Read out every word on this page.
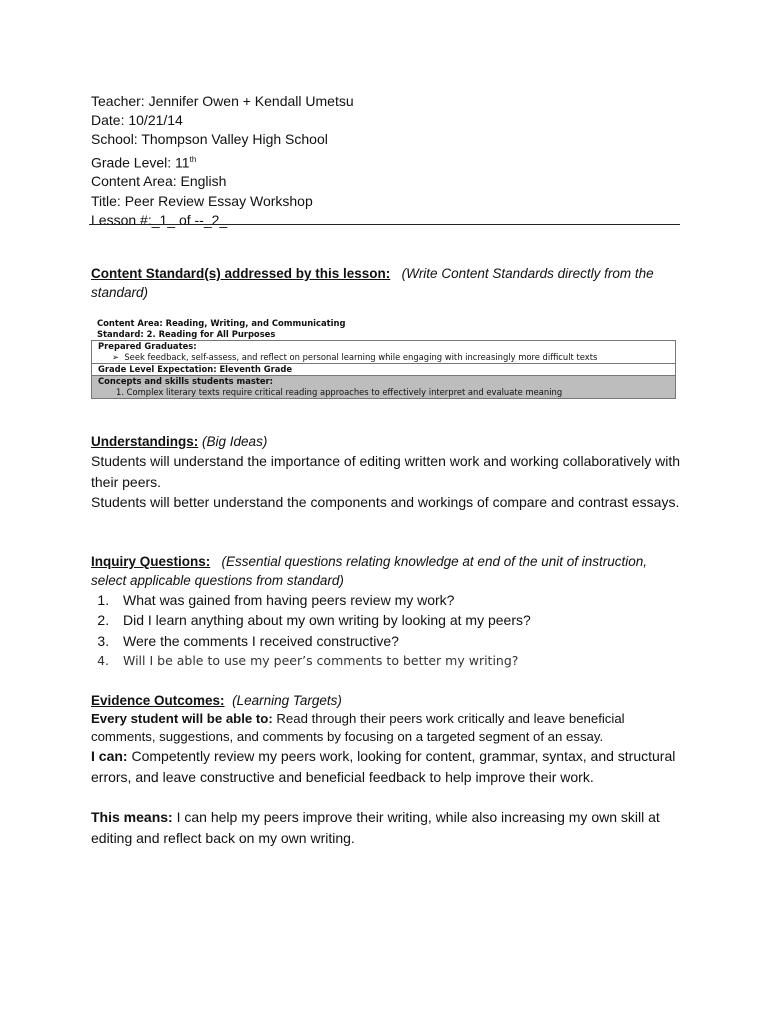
Teacher: Jennifer Owen + Kendall Umetsu
Date: 10/21/14
School: Thompson Valley High School
Grade Level: 11th
Content Area: English
Title: Peer Review Essay Workshop
Lesson #:_1_ of --_2_
Content Standard(s) addressed by this lesson: (Write Content Standards directly from the standard)
Content Area: Reading, Writing, and Communicating
Standard: 2. Reading for All Purposes
Prepared Graduates:
➢ Seek feedback, self-assess, and reflect on personal learning while engaging with increasingly more difficult texts
Grade Level Expectation: Eleventh Grade
Concepts and skills students master:
1. Complex literary texts require critical reading approaches to effectively interpret and evaluate meaning
Understandings: (Big Ideas)
Students will understand the importance of editing written work and working collaboratively with their peers.
Students will better understand the components and workings of compare and contrast essays.
Inquiry Questions: (Essential questions relating knowledge at end of the unit of instruction, select applicable questions from standard)
1. What was gained from having peers review my work?
2. Did I learn anything about my own writing by looking at my peers?
3. Were the comments I received constructive?
4. Will I be able to use my peer’s comments to better my writing?
Evidence Outcomes: (Learning Targets)
Every student will be able to: Read through their peers work critically and leave beneficial comments, suggestions, and comments by focusing on a targeted segment of an essay.
I can: Competently review my peers work, looking for content, grammar, syntax, and structural errors, and leave constructive and beneficial feedback to help improve their work.
This means: I can help my peers improve their writing, while also increasing my own skill at editing and reflect back on my own writing.
